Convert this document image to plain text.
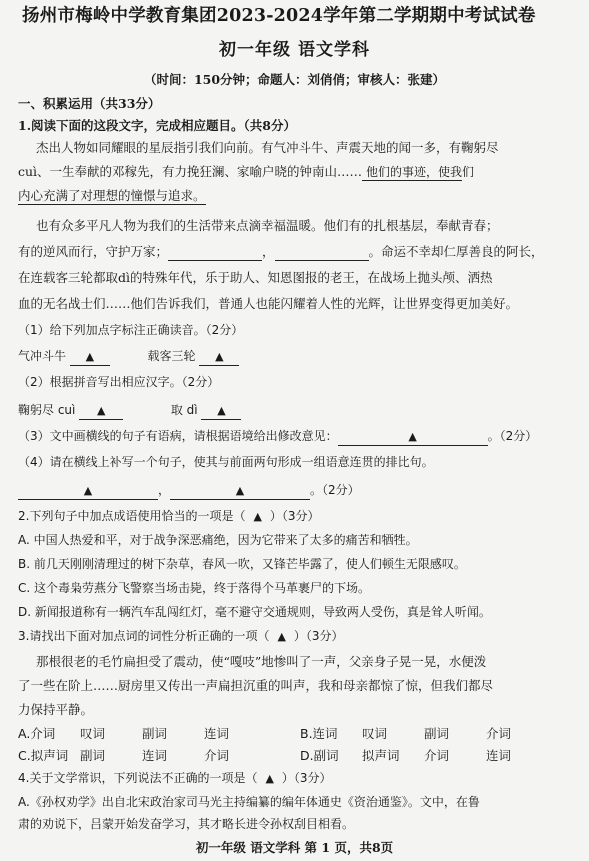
扬州市梅岭中学教育集团2023-2024学年第二学期期中考试试卷
初一年级 语文学科
（时间：150分钟；命题人：刘俏俏；审核人：张建）
一、积累运用（共33分）
1.阅读下面的这段文字，完成相应题目。（共8分）
杰出人物如同耀眼的星辰指引我们向前。有气冲斗牛、声震天地的闻一多，有鞠躬尽
cuì、一生奉献的邓稼先，有力挽狂澜、家喻户晓的钟南山…… 他们的事迹，使我们
内心充满了对理想的憧憬与追求。
也有众多平凡人物为我们的生活带来点滴幸福温暖。他们有的扎根基层，奉献青春；
有的逆风而行，守护万家；	，	。命运不幸却仁厚善良的阿长，
在连载客三轮都取dì的特殊年代，乐于助人、知恩图报的老王，在战场上抛头颅、洒热
血的无名战士们……他们告诉我们，普通人也能闪耀着人性的光辉，让世界变得更加美好。
（1）给下列加点字标注正确读音。（2分）
气冲斗牛 ▲	载客三轮 ▲
（2）根据拼音写出相应汉字。（2分）
鞠躬尽 cuì ▲	取 dì ▲
（3）文中画横线的句子有语病，请根据语境给出修改意见：	▲	。（2分）
（4）请在横线上补写一个句子，使其与前面两句形成一组语意连贯的排比句。
▲	，	▲	。（2分）
2.下列句子中加点成语使用恰当的一项是（ ▲ ）（3分）
A. 中国人热爱和平，对于战争深恶痛绝，因为它带来了太多的痛苦和牺牲。
B. 前几天刚刚清理过的树下杂草，春风一吹，又锋芒毕露了，使人们顿生无限感叹。
C. 这个毒枭劳燕分飞警察当场击毙，终于落得个马革裹尸的下场。
D. 新闻报道称有一辆汽车乱闯红灯，毫不避守交通规则，导致两人受伤，真是耸人听闻。
3.请找出下面对加点词的词性分析正确的一项（ ▲ ）（3分）
那根很老的毛竹扁担受了震动，使“嘎吱”地惨叫了一声，父亲身子晃一晃，水便泼
了一些在阶上……厨房里又传出一声扁担沉重的叫声，我和母亲都惊了惊，但我们都尽
力保持平静。
A.介词 叹词	副词	连词	B.连词 叹词	副词	介词
C.拟声词 副词	连词	介词	D.副词 拟声词 介词	连词
4.关于文学常识，下列说法不正确的一项是（ ▲ ）（3分）
A.《孙权劝学》出自北宋政治家司马光主持编纂的编年体通史《资治通鉴》。文中，在鲁
肃的劝说下，吕蒙开始发奋学习，其才略长进令孙权刮目相看。
初一年级 语文学科 第 1 页，共8页
